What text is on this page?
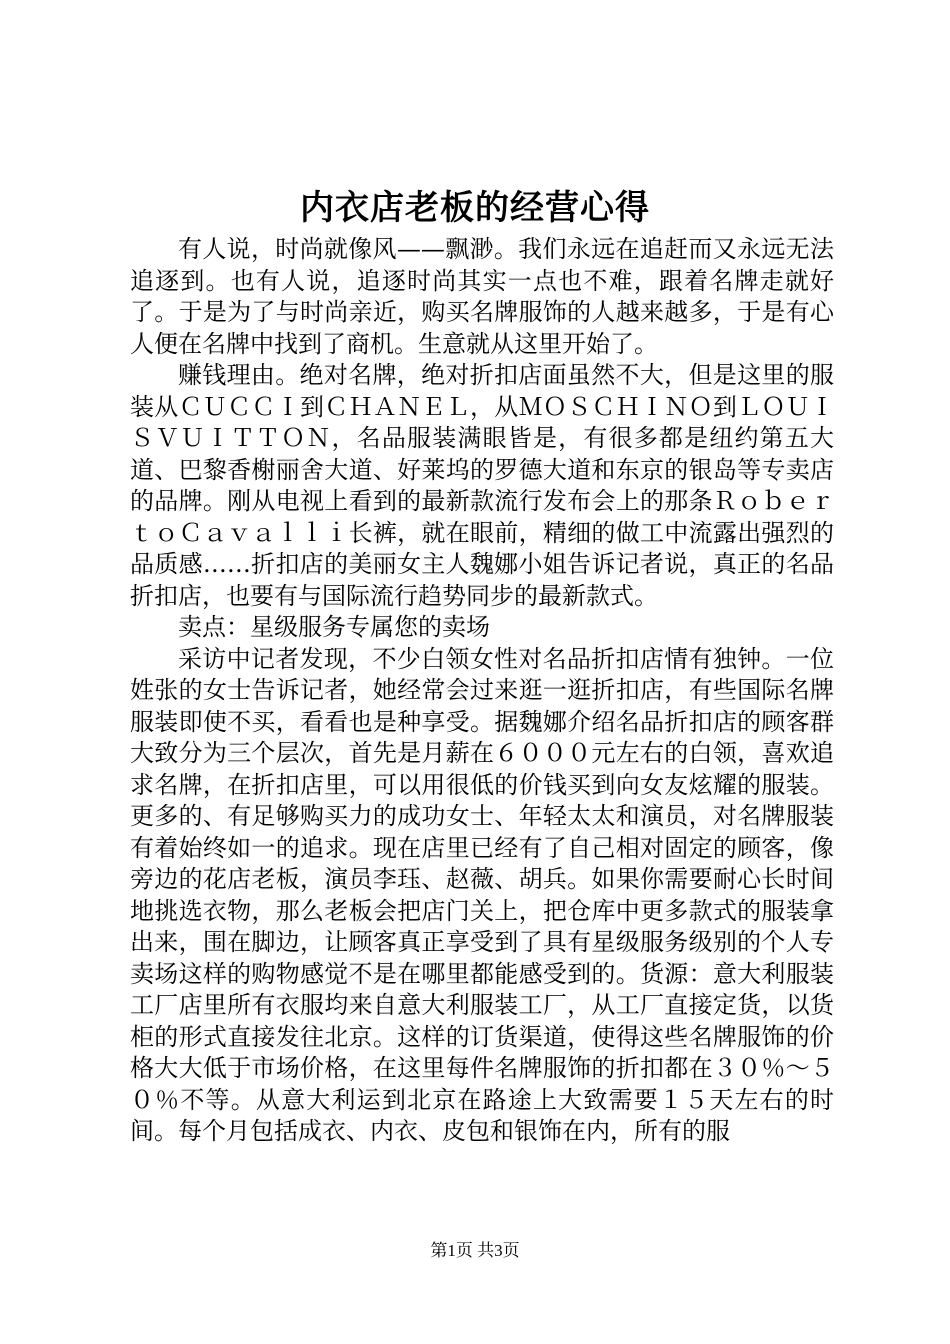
内衣店老板的经营心得

有人说，时尚就像风——飘渺。我们永远在追赶而又永远无法追逐到。也有人说，追逐时尚其实一点也不难，跟着名牌走就好了。于是为了与时尚亲近，购买名牌服饰的人越来越多，于是有心人便在名牌中找到了商机。生意就从这里开始了。

赚钱理由。绝对名牌，绝对折扣店面虽然不大，但是这里的服装从ＣＵＣＣＩ到ＣＨＡＮＥＬ，从ＭＯＳＣＨＩＮＯ到ＬＯＵＩＳＶＵＩＴＴＯＮ，名品服装满眼皆是，有很多都是纽约第五大道、巴黎香榭丽舍大道、好莱坞的罗德大道和东京的银岛等专卖店的品牌。刚从电视上看到的最新款流行发布会上的那条ＲｏｂｅｒｔｏＣａｖａｌｌｉ长裤，就在眼前，精细的做工中流露出强烈的品质感……折扣店的美丽女主人魏娜小姐告诉记者说，真正的名品折扣店，也要有与国际流行趋势同步的最新款式。

卖点：星级服务专属您的卖场

采访中记者发现，不少白领女性对名品折扣店情有独钟。一位姓张的女士告诉记者，她经常会过来逛一逛折扣店，有些国际名牌服装即使不买，看看也是种享受。据魏娜介绍名品折扣店的顾客群大致分为三个层次，首先是月薪在６０００元左右的白领，喜欢追求名牌，在折扣店里，可以用很低的价钱买到向女友炫耀的服装。更多的、有足够购买力的成功女士、年轻太太和演员，对名牌服装有着始终如一的追求。现在店里已经有了自己相对固定的顾客，像旁边的花店老板，演员李珏、赵薇、胡兵。如果你需要耐心长时间地挑选衣物，那么老板会把店门关上，把仓库中更多款式的服装拿出来，围在脚边，让顾客真正享受到了具有星级服务级别的个人专卖场这样的购物感觉不是在哪里都能感受到的。货源：意大利服装工厂店里所有衣服均来自意大利服装工厂，从工厂直接定货，以货柜的形式直接发往北京。这样的订货渠道，使得这些名牌服饰的价格大大低于市场价格，在这里每件名牌服饰的折扣都在３０％～５０％不等。从意大利运到北京在路途上大致需要１５天左右的时间。每个月包括成衣、内衣、皮包和银饰在内，所有的服

第1页 共3页
